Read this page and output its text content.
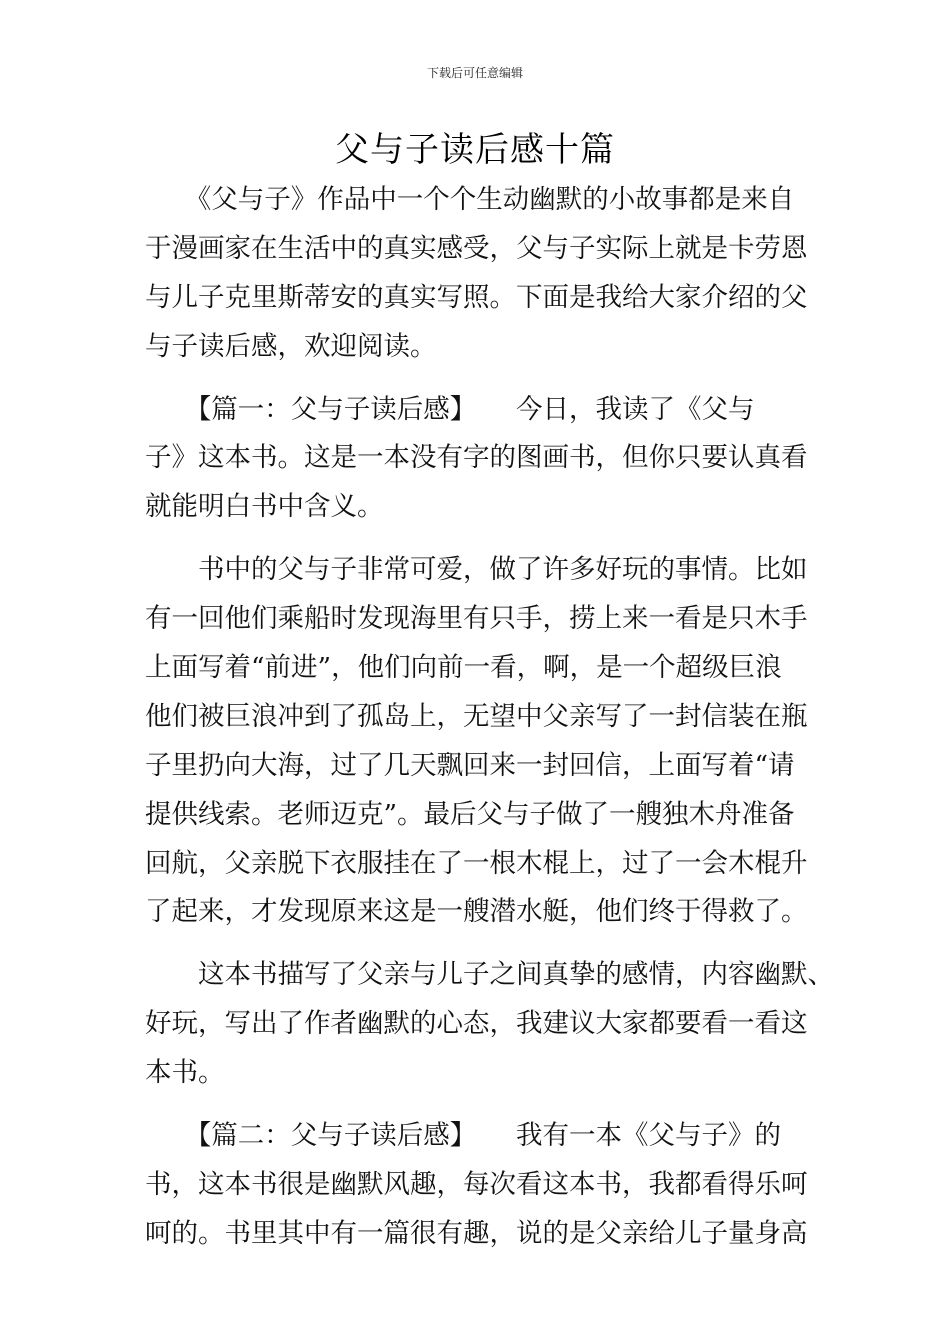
下载后可任意编辑
父与子读后感十篇
　　《父与子》作品中一个个生动幽默的小故事都是来自
于漫画家在生活中的真实感受，父与子实际上就是卡劳恩
与儿子克里斯蒂安的真实写照。下面是我给大家介绍的父
与子读后感，欢迎阅读。
　　【篇一：父与子读后感】　　今日，我读了《父与
子》这本书。这是一本没有字的图画书，但你只要认真看
就能明白书中含义。
　　书中的父与子非常可爱，做了许多好玩的事情。比如
有一回他们乘船时发现海里有只手，捞上来一看是只木手
上面写着“前进”，他们向前一看，啊，是一个超级巨浪
他们被巨浪冲到了孤岛上，无望中父亲写了一封信装在瓶
子里扔向大海，过了几天飘回来一封回信，上面写着“请
提供线索。老师迈克”。最后父与子做了一艘独木舟准备
回航，父亲脱下衣服挂在了一根木棍上，过了一会木棍升
了起来，才发现原来这是一艘潜水艇，他们终于得救了。
　　这本书描写了父亲与儿子之间真挚的感情，内容幽默、
好玩，写出了作者幽默的心态，我建议大家都要看一看这
本书。
　　【篇二：父与子读后感】　　我有一本《父与子》的
书，这本书很是幽默风趣，每次看这本书，我都看得乐呵
呵的。书里其中有一篇很有趣，说的是父亲给儿子量身高
